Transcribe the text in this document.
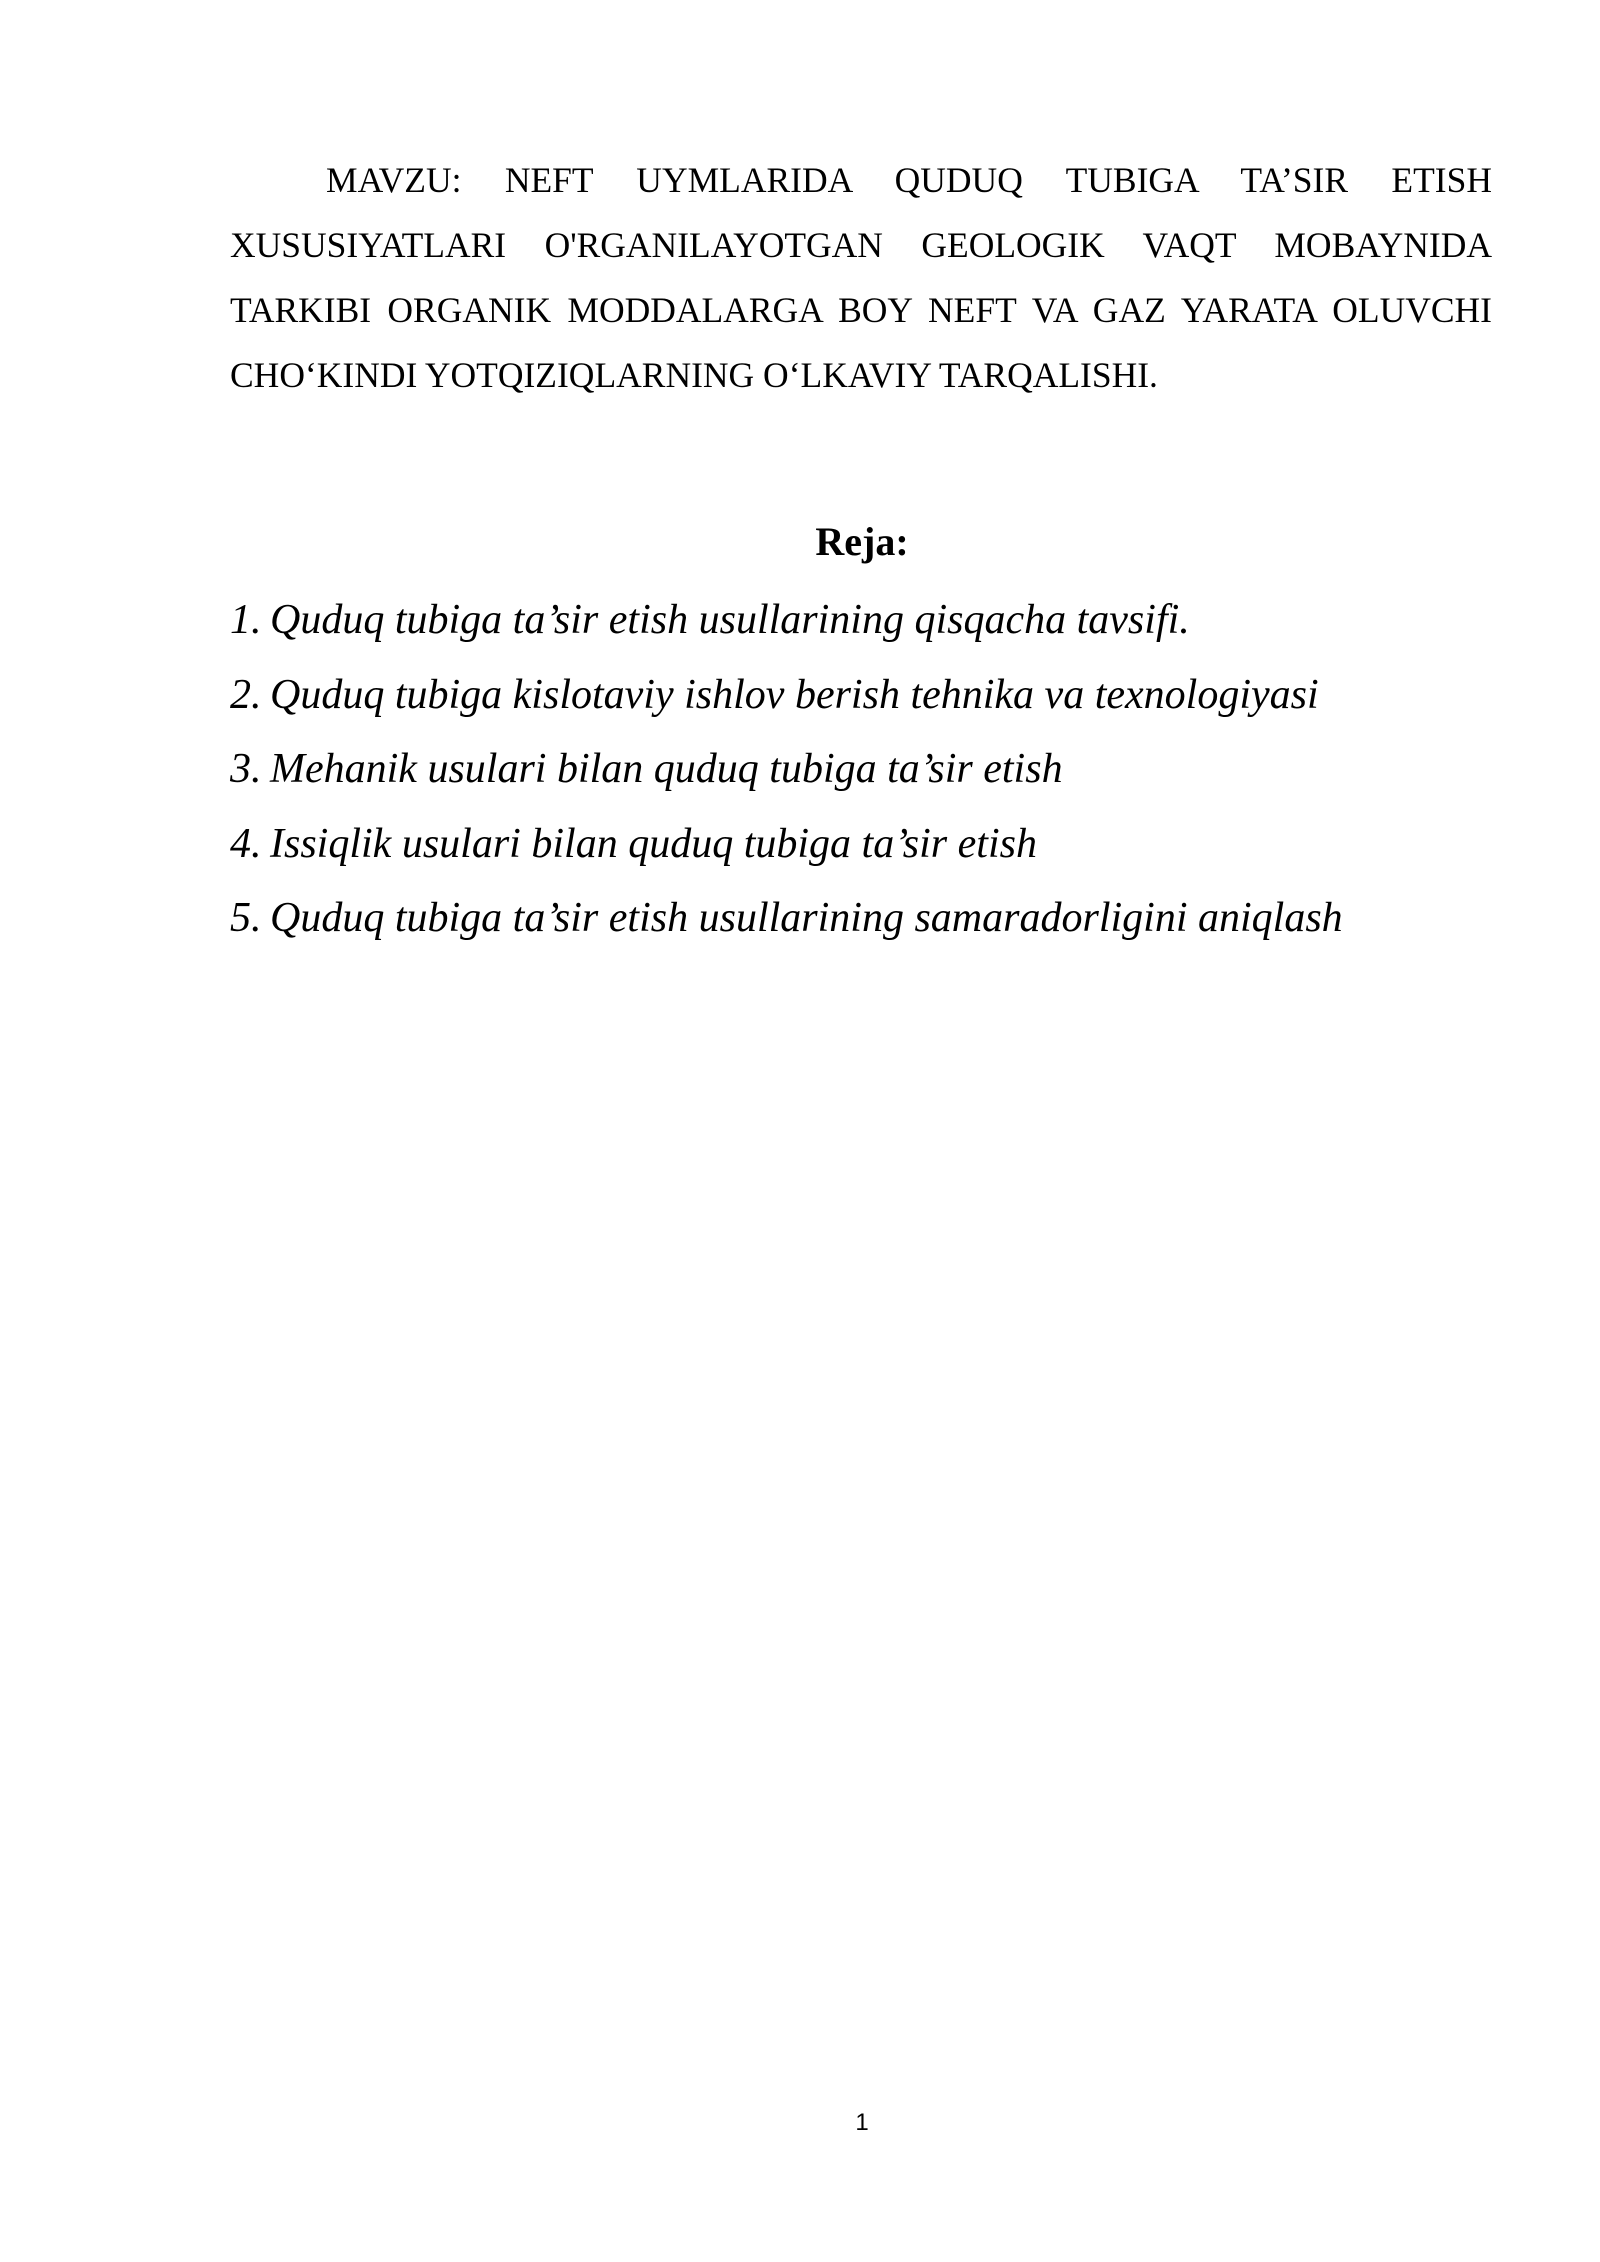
MAVZU: NEFT UYMLARIDA QUDUQ TUBIGA TA’SIR ETISH XUSUSIYATLARI O'RGANILAYOTGAN GEOLOGIK VAQT MOBAYNIDA TARKIBI ORGANIK MODDALARGA BOY NEFT VA GAZ YARATA OLUVCHI CHO‘KINDI YOTQIZIQLARNING O‘LKAVIY TARQALISHI.

Reja:
1. Quduq tubiga ta’sir etish usullarining qisqacha tavsifi.
2. Quduq tubiga kislotaviy ishlov berish tehnika va texnologiyasi
3. Mehanik usulari bilan quduq tubiga ta’sir etish
4. Issiqlik usulari bilan quduq tubiga ta’sir etish
5. Quduq tubiga ta’sir etish usullarining samaradorligini aniqlash
1
